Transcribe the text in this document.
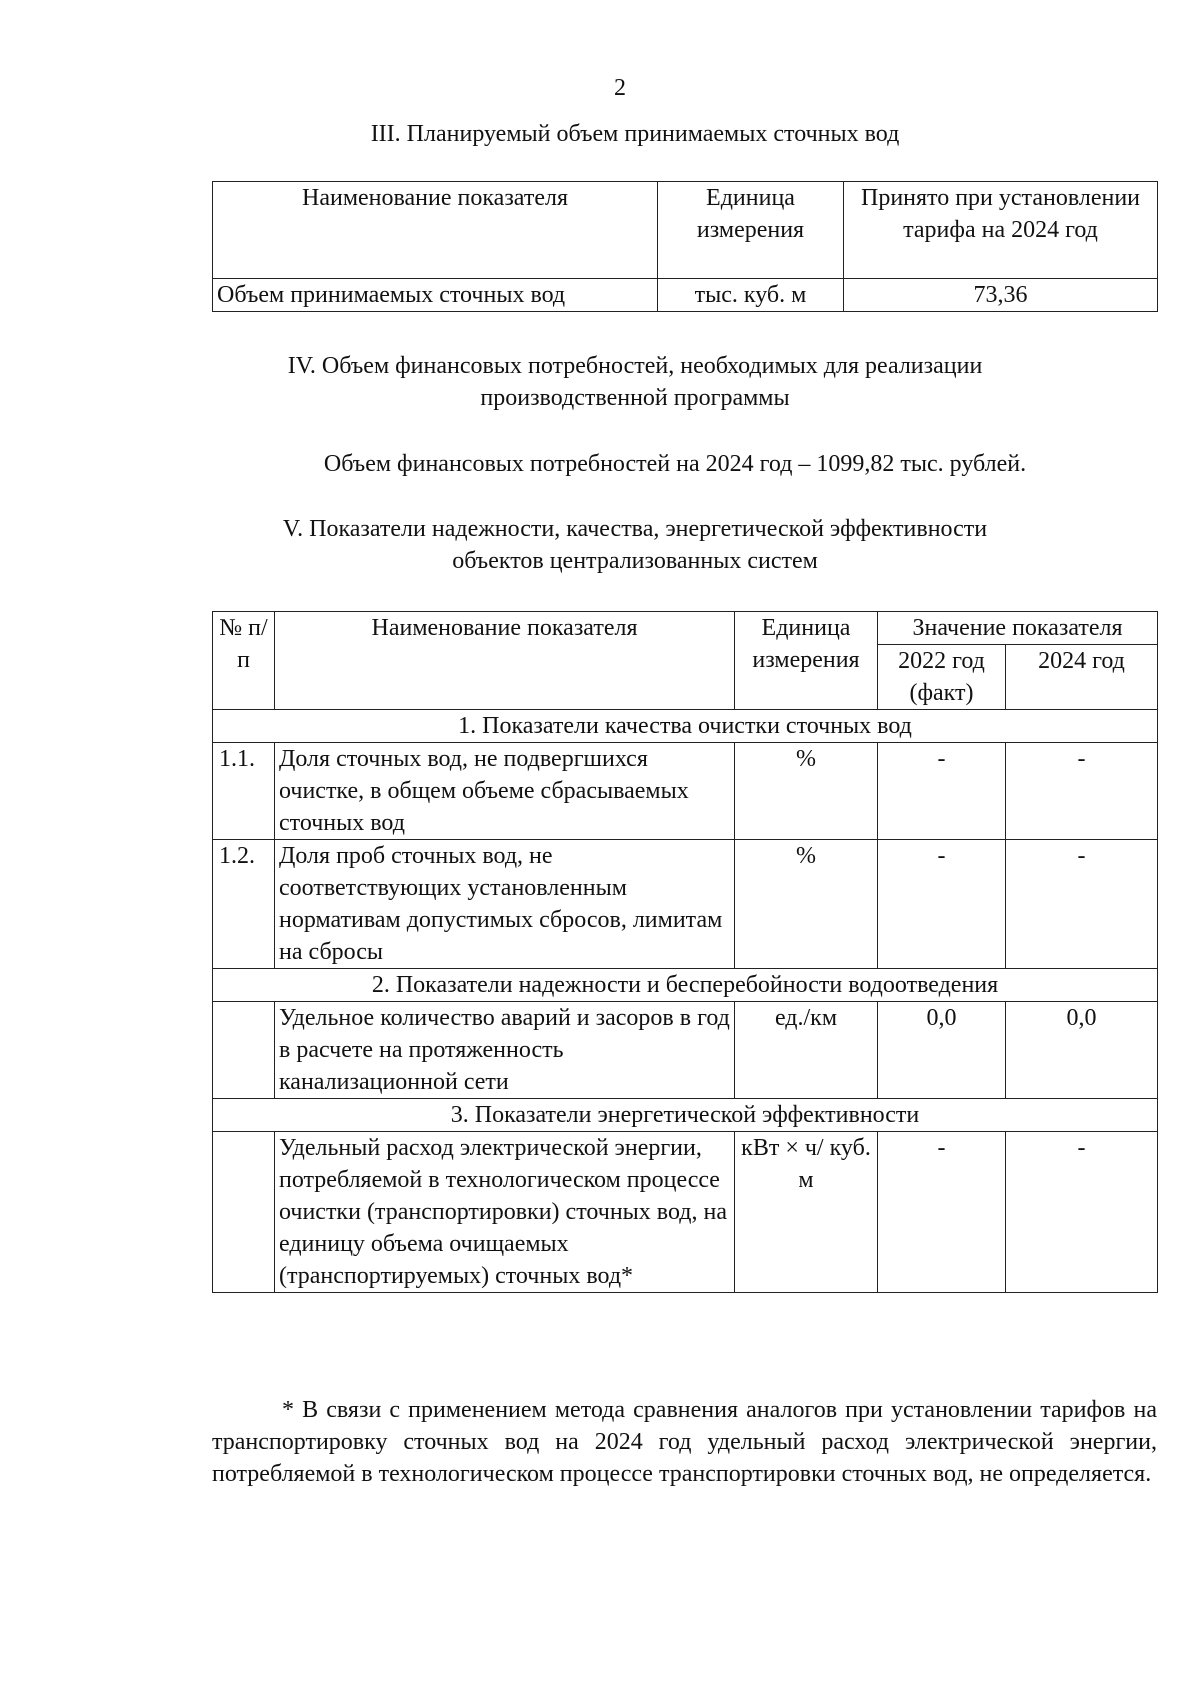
2
III. Планируемый объем принимаемых сточных вод
Наименование показателя	Единица измерения	Принято при установлении тарифа на 2024 год
Объем принимаемых сточных вод	тыс. куб. м	73,36
IV. Объем финансовых потребностей, необходимых для реализации
производственной программы
Объем финансовых потребностей на 2024 год – 1099,82 тыс. рублей.
V. Показатели надежности, качества, энергетической эффективности
объектов централизованных систем
№ п/п	Наименование показателя	Единица измерения	Значение показателя	
			2022 год (факт)	2024 год
1. Показатели качества очистки сточных вод				
1.1.	Доля сточных вод, не подвергшихся очистке, в общем объеме сбрасываемых сточных вод	%	-	-
1.2.	Доля проб сточных вод, не соответствующих установленным нормативам допустимых сбросов, лимитам на сбросы	%	-	-
2. Показатели надежности и бесперебойности водоотведения				
	Удельное количество аварий и засоров в год в расчете на протяженность канализационной сети	ед./км	0,0	0,0
3. Показатели энергетической эффективности				
	Удельный расход электрической энергии, потребляемой в технологическом процессе очистки (транспортировки) сточных вод, на единицу объема очищаемых (транспортируемых) сточных вод*	кВт × ч/ куб. м	-	-

* В связи с применением метода сравнения аналогов при установлении тарифов на транспортировку сточных вод на 2024 год удельный расход электрической энергии, потребляемой в технологическом процессе транспортировки сточных вод, не определяется.
